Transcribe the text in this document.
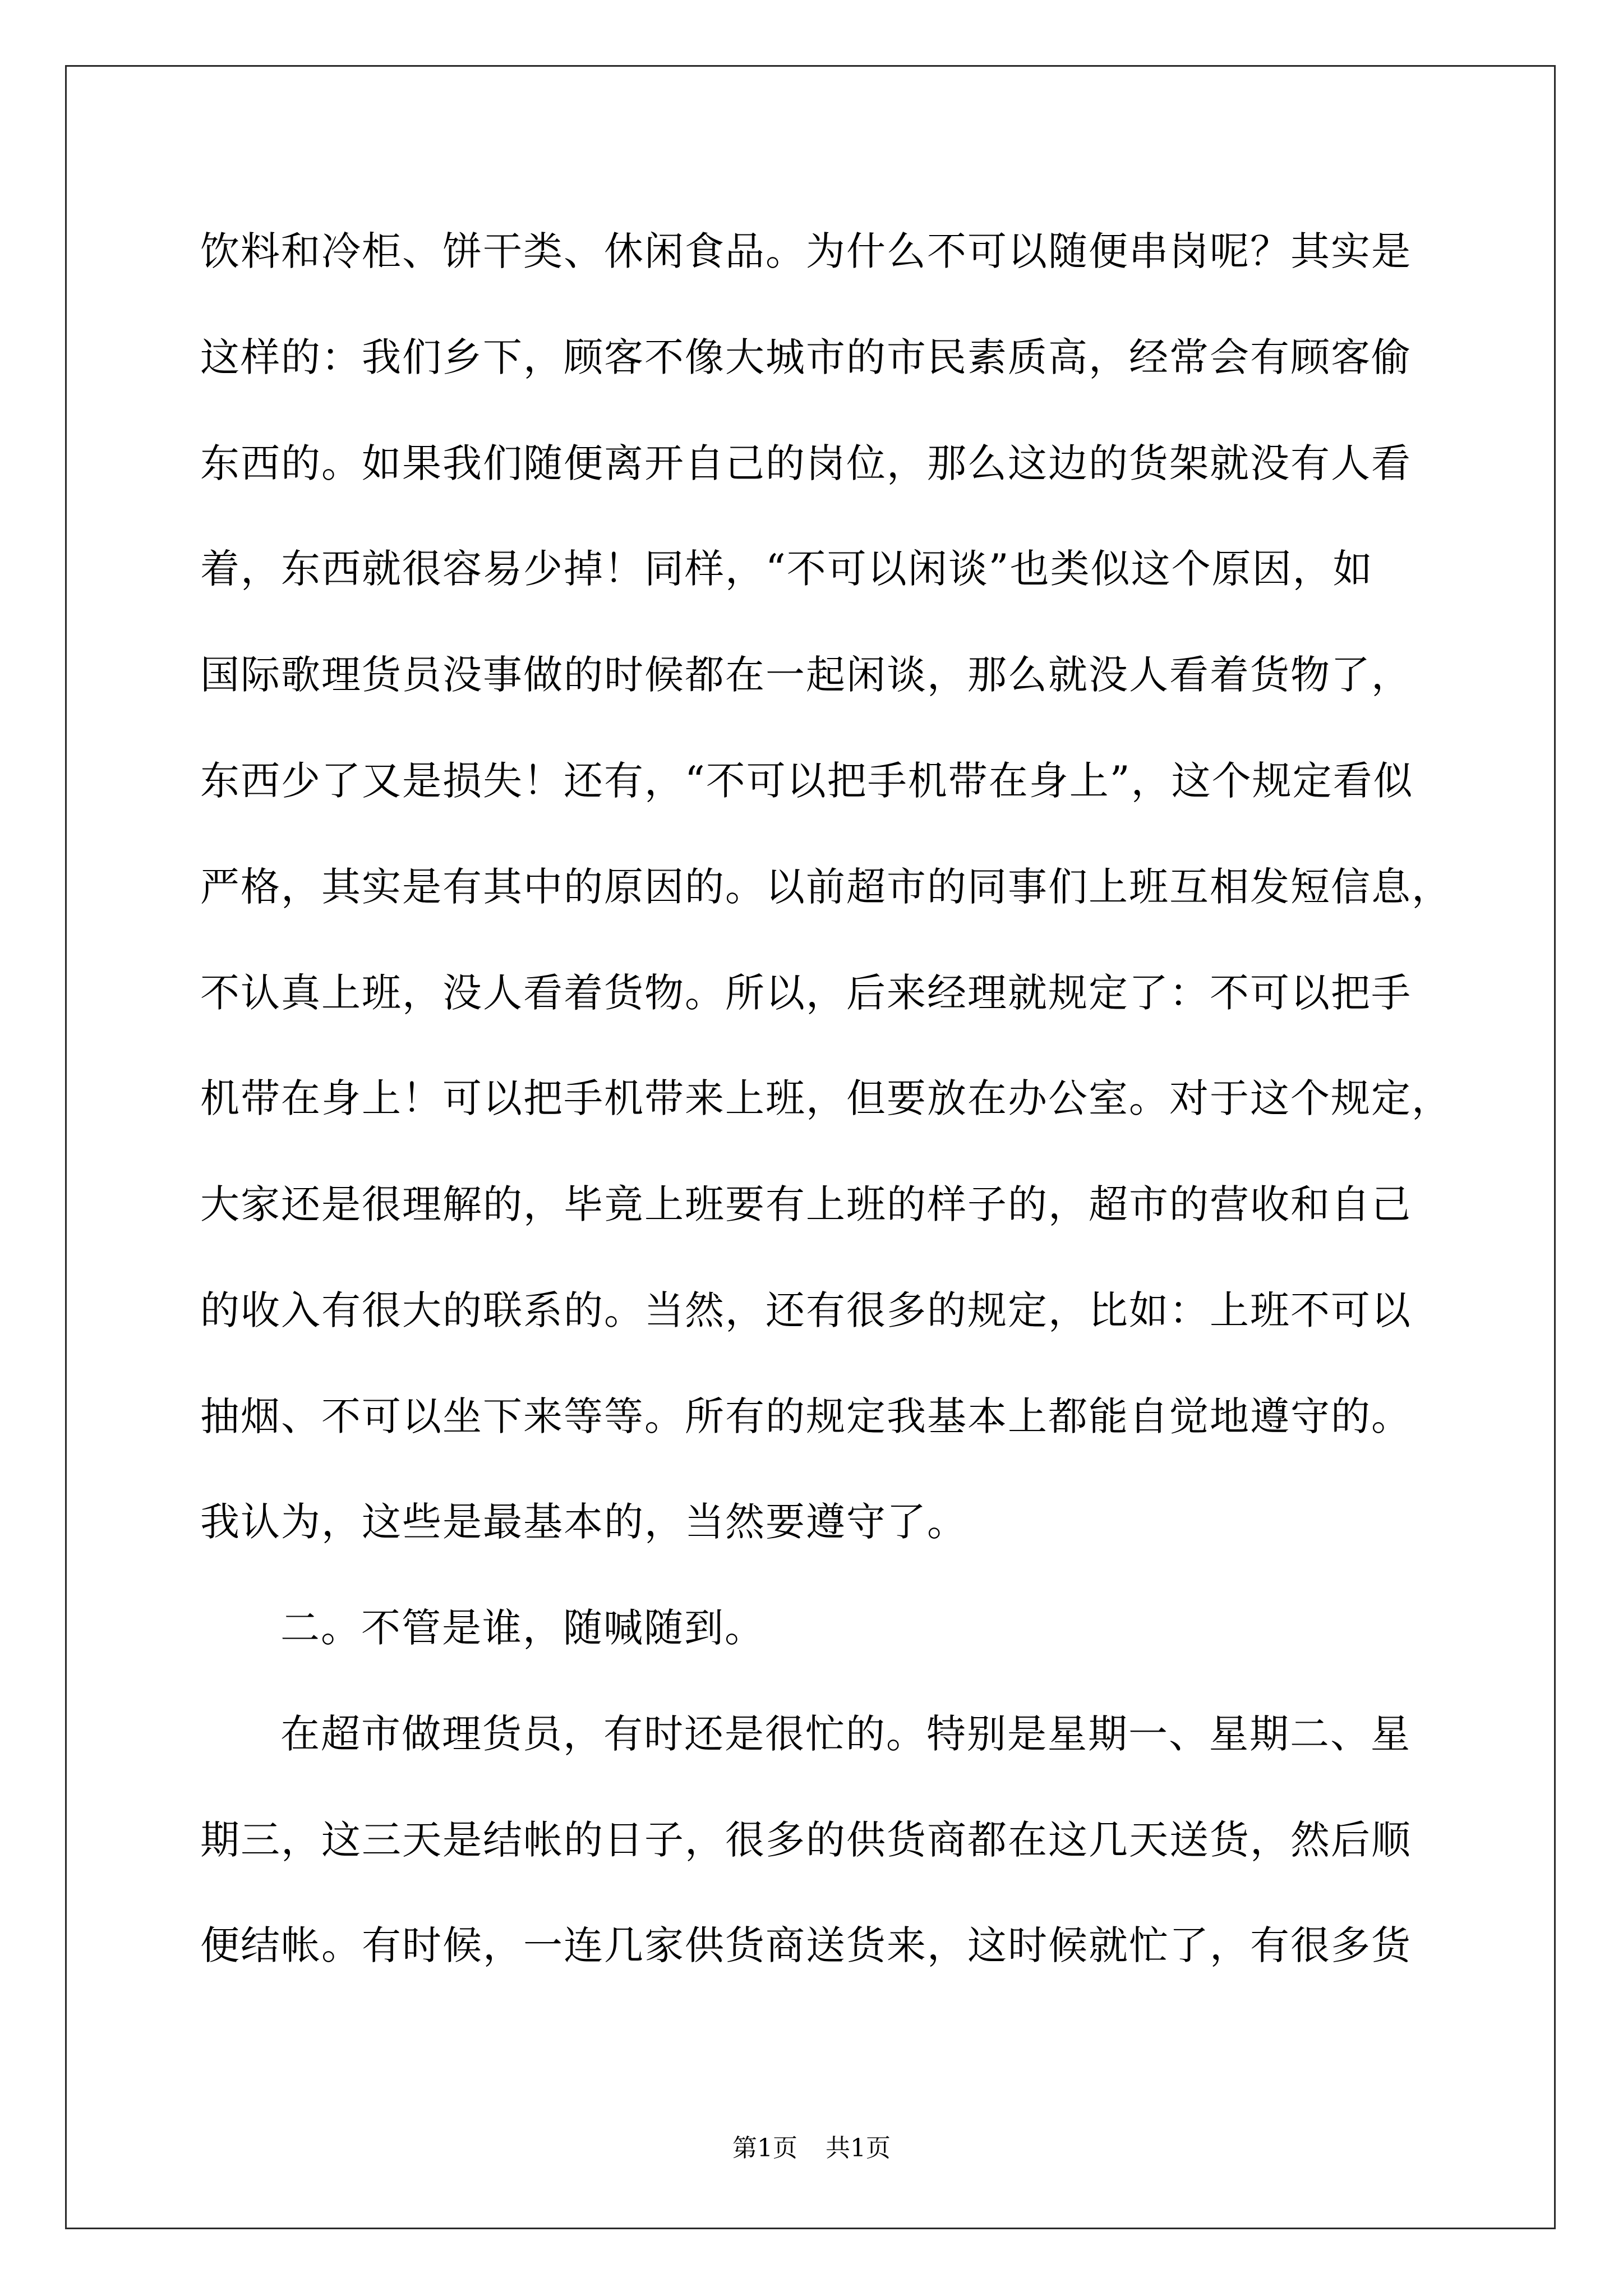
饮料和冷柜、饼干类、休闲食品。为什么不可以随便串岗呢？其实是
这样的：我们乡下，顾客不像大城市的市民素质高，经常会有顾客偷
东西的。如果我们随便离开自己的岗位，那么这边的货架就没有人看
着，东西就很容易少掉！同样，“不可以闲谈”也类似这个原因，如
国际歌理货员没事做的时候都在一起闲谈，那么就没人看着货物了，
东西少了又是损失！还有，“不可以把手机带在身上”，这个规定看似
严格，其实是有其中的原因的。以前超市的同事们上班互相发短信息，
不认真上班，没人看着货物。所以，后来经理就规定了：不可以把手
机带在身上！可以把手机带来上班，但要放在办公室。对于这个规定，
大家还是很理解的，毕竟上班要有上班的样子的，超市的营收和自己
的收入有很大的联系的。当然，还有很多的规定，比如：上班不可以
抽烟、不可以坐下来等等。所有的规定我基本上都能自觉地遵守的。
我认为，这些是最基本的，当然要遵守了。
二。不管是谁，随喊随到。
在超市做理货员，有时还是很忙的。特别是星期一、星期二、星
期三，这三天是结帐的日子，很多的供货商都在这几天送货，然后顺
便结帐。有时候，一连几家供货商送货来，这时候就忙了，有很多货
第1页 共1页
